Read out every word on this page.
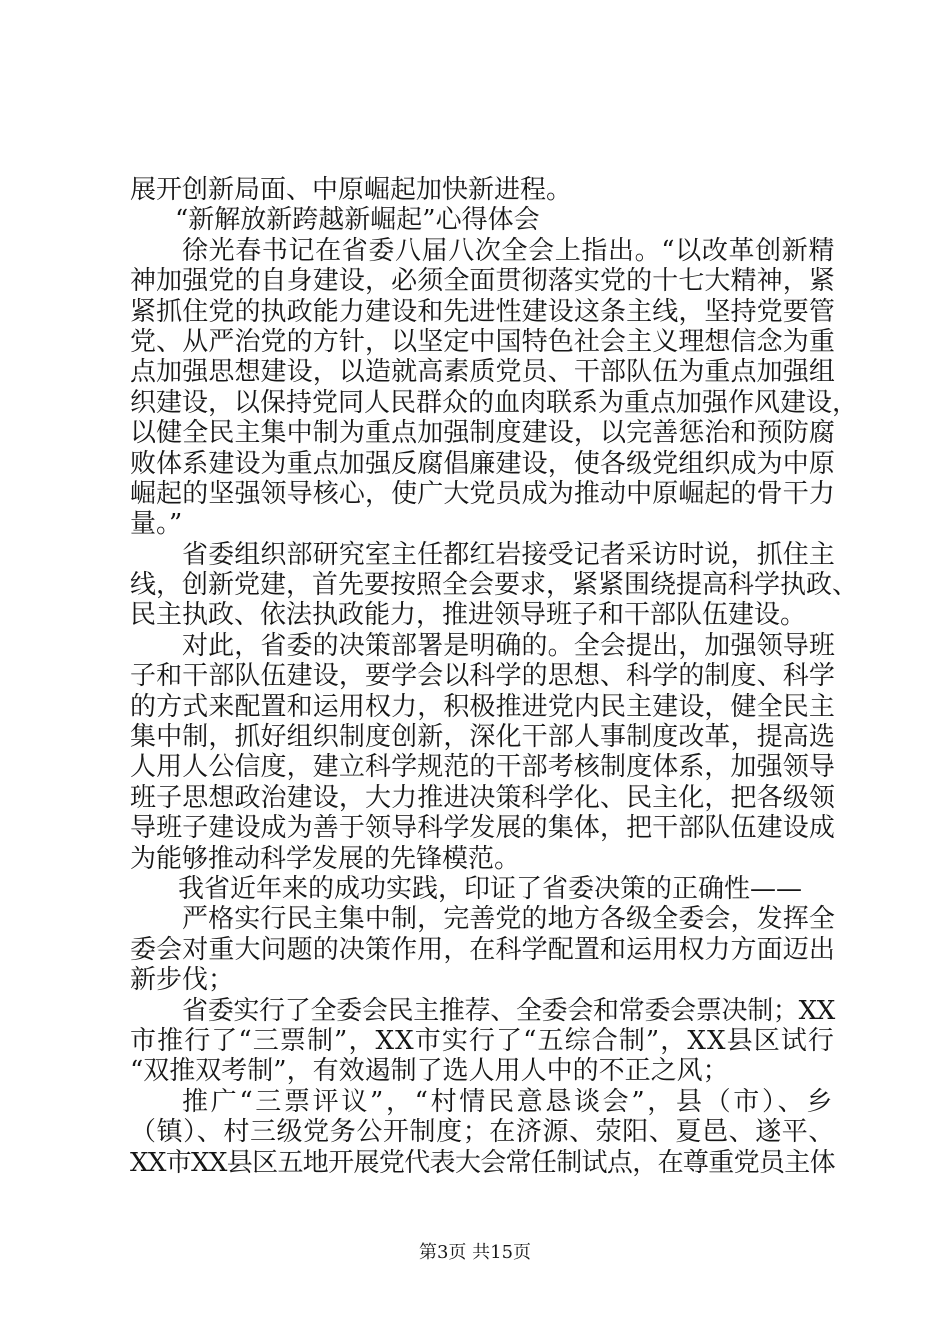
展开创新局面、中原崛起加快新进程。
“新解放新跨越新崛起”心得体会
徐光春书记在省委八届八次全会上指出。“以改革创新精
神加强党的自身建设，必须全面贯彻落实党的十七大精神，紧
紧抓住党的执政能力建设和先进性建设这条主线，坚持党要管
党、从严治党的方针，以坚定中国特色社会主义理想信念为重
点加强思想建设，以造就高素质党员、干部队伍为重点加强组
织建设，以保持党同人民群众的血肉联系为重点加强作风建设，
以健全民主集中制为重点加强制度建设，以完善惩治和预防腐
败体系建设为重点加强反腐倡廉建设，使各级党组织成为中原
崛起的坚强领导核心，使广大党员成为推动中原崛起的骨干力
量。”
省委组织部研究室主任都红岩接受记者采访时说，抓住主
线，创新党建，首先要按照全会要求，紧紧围绕提高科学执政、
民主执政、依法执政能力，推进领导班子和干部队伍建设。
对此，省委的决策部署是明确的。全会提出，加强领导班
子和干部队伍建设，要学会以科学的思想、科学的制度、科学
的方式来配置和运用权力，积极推进党内民主建设，健全民主
集中制，抓好组织制度创新，深化干部人事制度改革，提高选
人用人公信度，建立科学规范的干部考核制度体系，加强领导
班子思想政治建设，大力推进决策科学化、民主化，把各级领
导班子建设成为善于领导科学发展的集体，把干部队伍建设成
为能够推动科学发展的先锋模范。
我省近年来的成功实践，印证了省委决策的正确性——
严格实行民主集中制，完善党的地方各级全委会，发挥全
委会对重大问题的决策作用，在科学配置和运用权力方面迈出
新步伐；
省委实行了全委会民主推荐、全委会和常委会票决制；XX
市推行了“三票制”，XX市实行了“五综合制”，XX县区试行
“双推双考制”，有效遏制了选人用人中的不正之风；
推广“三票评议”，“村情民意恳谈会”，县（市）、乡
（镇）、村三级党务公开制度；在济源、荥阳、夏邑、遂平、
XX市XX县区五地开展党代表大会常任制试点，在尊重党员主体
第3页 共15页
